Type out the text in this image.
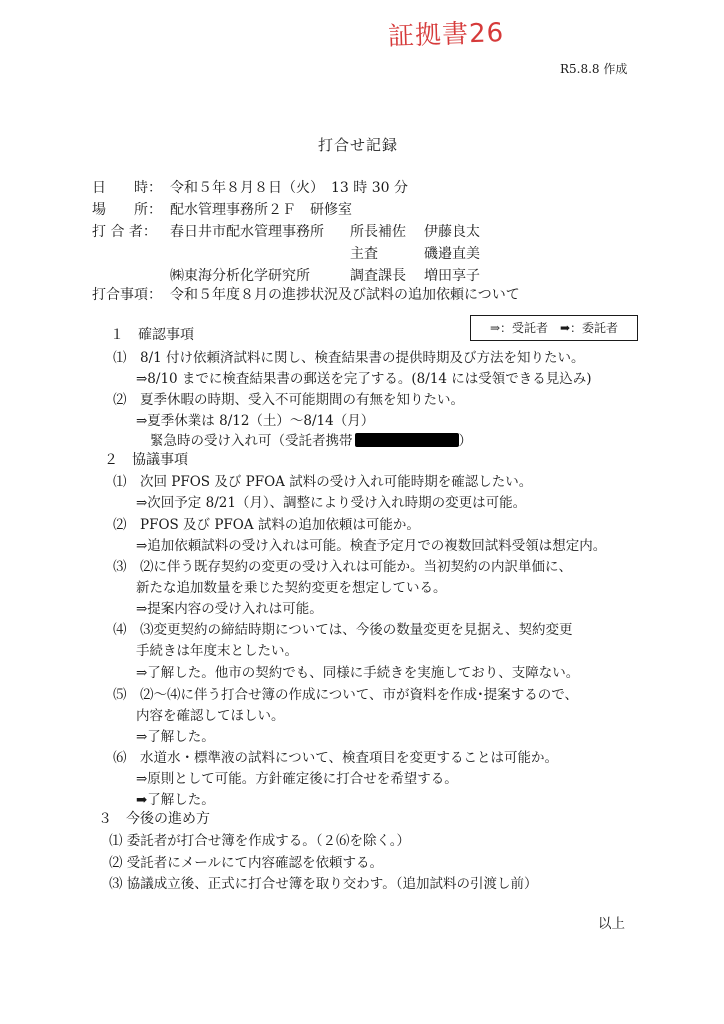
証拠書26
R5.8.8 作成
打合せ記録
日　　時： 令和５年８月８日（火）　13 時 30 分
場　　所： 配水管理事務所２Ｆ　研修室
打 合 者： 春日井市配水管理事務所 所長補佐 伊藤良太
主査	磯邉直美
㈱東海分析化学研究所	調査課長 増田享子
打合事項： 令和５年度８月の進捗状況及び試料の追加依頼について
⇒：受託者　➡：委託者
１　確認事項
⑴　8/1 付け依頼済試料に関し、検査結果書の提供時期及び方法を知りたい。
⇒8/10 までに検査結果書の郵送を完了する。(8/14 には受領できる見込み)
⑵　夏季休暇の時期、受入不可能期間の有無を知りたい。
⇒夏季休業は 8/12（土）～8/14（月）
緊急時の受け入れ可（受託者携帯	）
２　協議事項
⑴　次回 PFOS 及び PFOA 試料の受け入れ可能時期を確認したい。
⇒次回予定 8/21（月）、調整により受け入れ時期の変更は可能。
⑵　PFOS 及び PFOA 試料の追加依頼は可能か。
⇒追加依頼試料の受け入れは可能。検査予定月での複数回試料受領は想定内。
⑶　⑵に伴う既存契約の変更の受け入れは可能か。当初契約の内訳単価に、
新たな追加数量を乗じた契約変更を想定している。
⇒提案内容の受け入れは可能。
⑷　⑶変更契約の締結時期については、今後の数量変更を見据え、契約変更
手続きは年度末としたい。
⇒了解した。他市の契約でも、同様に手続きを実施しており、支障ない。
⑸　⑵～⑷に伴う打合せ簿の作成について、市が資料を作成･提案するので、
内容を確認してほしい。
⇒了解した。
⑹　水道水・標準液の試料について、検査項目を変更することは可能か。
⇒原則として可能。方針確定後に打合せを希望する。
➡了解した。
３　今後の進め方
⑴ 委託者が打合せ簿を作成する。（２⑹を除く。）
⑵ 受託者にメールにて内容確認を依頼する。
⑶ 協議成立後、正式に打合せ簿を取り交わす。（追加試料の引渡し前）
以上
